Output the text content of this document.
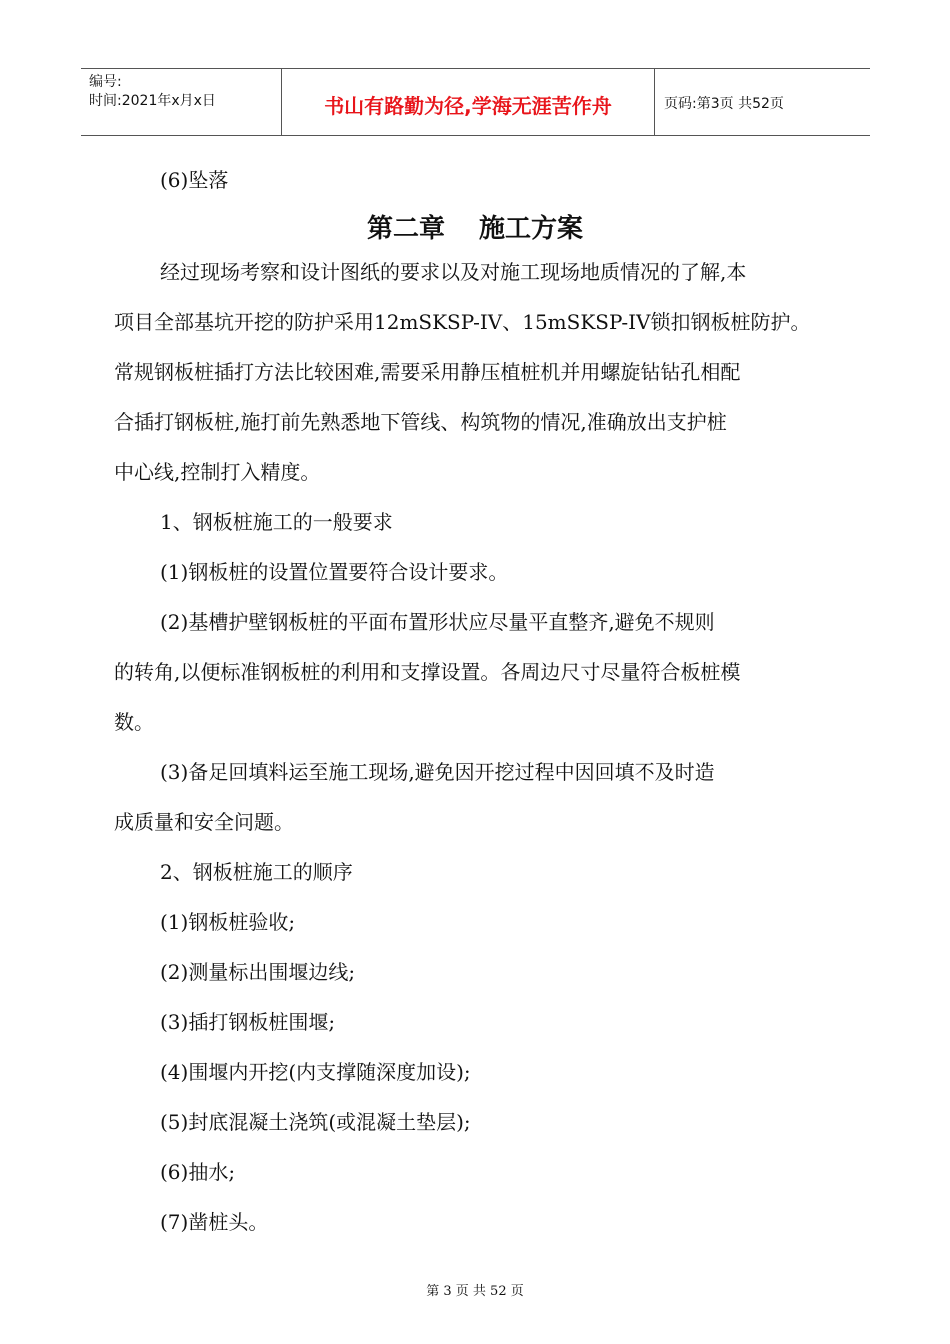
编号:
时间:2021年x月x日	书山有路勤为径,学海无涯苦作舟	页码:第3页 共52页
(6)坠落
第二章 施工方案
经过现场考察和设计图纸的要求以及对施工现场地质情况的了解,本
项目全部基坑开挖的防护采用12mSKSP-IV、15mSKSP-IV锁扣钢板桩防护。
常规钢板桩插打方法比较困难,需要采用静压植桩机并用螺旋钻钻孔相配
合插打钢板桩,施打前先熟悉地下管线、构筑物的情况,准确放出支护桩
中心线,控制打入精度。
1、钢板桩施工的一般要求
(1)钢板桩的设置位置要符合设计要求。
(2)基槽护壁钢板桩的平面布置形状应尽量平直整齐,避免不规则
的转角,以便标准钢板桩的利用和支撑设置。各周边尺寸尽量符合板桩模
数。
(3)备足回填料运至施工现场,避免因开挖过程中因回填不及时造
成质量和安全问题。
2、钢板桩施工的顺序
(1)钢板桩验收;
(2)测量标出围堰边线;
(3)插打钢板桩围堰;
(4)围堰内开挖(内支撑随深度加设);
(5)封底混凝土浇筑(或混凝土垫层);
(6)抽水;
(7)凿桩头。
第 3 页 共 52 页
